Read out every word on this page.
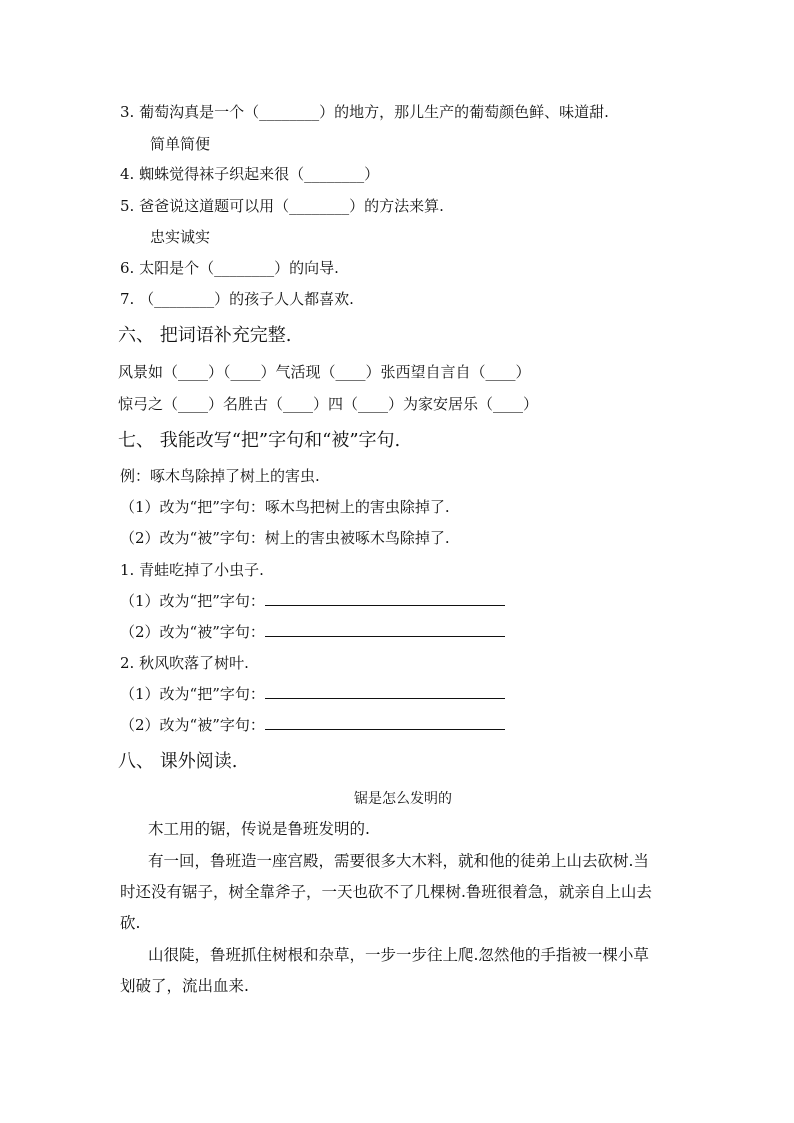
3. 葡萄沟真是一个（________）的地方，那儿生产的葡萄颜色鲜、味道甜.
简单简便
4. 蜘蛛觉得袜子织起来很（________）
5. 爸爸说这道题可以用（________）的方法来算.
忠实诚实
6. 太阳是个（________）的向导.
7. （________）的孩子人人都喜欢.
六、 把词语补充完整.
风景如（____）（____）气活现（____）张西望自言自（____）
惊弓之（____）名胜古（____）四（____）为家安居乐（____）
七、 我能改写“把”字句和“被”字句.
例：啄木鸟除掉了树上的害虫.
（1）改为“把”字句：啄木鸟把树上的害虫除掉了.
（2）改为“被”字句：树上的害虫被啄木鸟除掉了.
1. 青蛙吃掉了小虫子.
（1）改为“把”字句：
（2）改为“被”字句：
2. 秋风吹落了树叶.
（1）改为“把”字句：
（2）改为“被”字句：
八、 课外阅读.
锯是怎么发明的
木工用的锯，传说是鲁班发明的.
有一回，鲁班造一座宫殿，需要很多大木料，就和他的徒弟上山去砍树.当
时还没有锯子，树全靠斧子，一天也砍不了几棵树.鲁班很着急，就亲自上山去
砍.
山很陡，鲁班抓住树根和杂草，一步一步往上爬.忽然他的手指被一棵小草
划破了，流出血来.
